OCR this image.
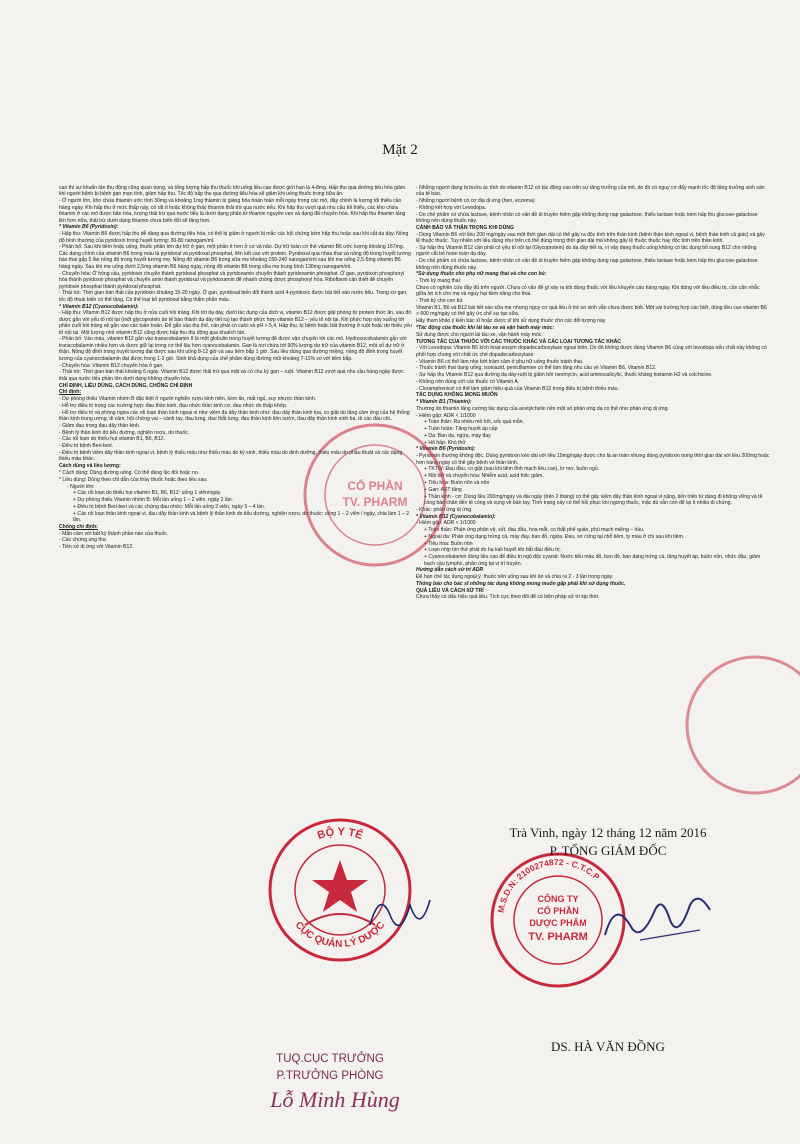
Mặt 2

cao thì sự khuẩn tán thụ động cũng quan trọng, và tổng lượng hấp thu thuốc khi uống liều cao được giới hạn là 4-8mg. Hấp thu qua đường tiêu hóa giảm khi người bệnh bị bệnh gan mạn tính, giảm hấp thu. Tốc độ hấp thu qua đường tiêu hóa sẽ giảm khi uống thuốc trong bữa ăn.

- Ở người lớn, kho chứa thiamin ước tính 30mg và khoảng 1mg thiamin bị giáng hóa hoàn toàn mỗi ngày trong các mô, đây chính là lượng tối thiểu cần hàng ngày. Khi hấp thu ở mức thấp này, có rất ít hoặc không thấy thiamin thải trừ qua nước tiểu. Khi hấp thu vượt quá nhu cầu tối thiểu, các kho chứa thiamin ở các mô được bão hòa, lượng thải trừ qua nước tiểu là dưới dạng phân tử thiamin nguyên vẹn và dạng đã chuyển hóa. Khi hấp thu thiamin tăng lên hơn nữa, thải trừ dưới dạng thiamin chưa biến đổi sẽ tăng hơn.

* Vitamin B6 (Pyridoxin):

- Hấp thu: Vitamin B6 được hấp thu dễ dàng qua đường tiêu hóa, có thể bị giảm ở người bị mắc các hội chứng kém hấp thu hoặc sau khi cắt dạ dày. Nồng độ bình thường của pyridoxin trong huyết tương: 30-80 nanogam/ml.

- Phân bố: Sau khi tiêm hoặc uống, thuốc phần lớn dự trữ ở gan, một phần ít hơn ở cơ và não. Dự trữ toàn cơ thể vitamin B6 ước lượng khoảng 167mg. Các dạng chính của vitamin B6 trong máu là pyridoxal và pyridoxal phosphat, liên kết cao với protein. Pyridoxal qua nhau thai và nồng độ trong huyết tương bào thai gấp 5 lần nồng độ trong huyết tương mẹ. Nồng độ vitamin B6 trong sữa mẹ khoảng 150-240 nanogam/ml sau khi mẹ uống 2,5-5mg vitamin B6 hàng ngày. Sau khi mẹ uống dưới 2,5mg vitamin B6 hàng ngày, nồng độ vitamin B6 trong sữa mẹ trung bình 130mg nanogam/ml.

- Chuyển hóa: Ở hồng cầu, pyridoxin chuyển thành pyridoxal phosphat và pyridoxamin chuyển thành pyridoxamin phosphat. Ở gan, pyridoxin phosphoryl hóa thành pyridoxin phosphat và chuyển amin thành pyridoxal và pyridoxamin để nhanh chóng được phosphoryl hóa. Riboflavin cần thiết để chuyển pyridoxin phosphat thành pyridoxal phosphat.

- Thải trừ: Thời gian bán thải của pyridoxin khoảng 15-20 ngày. Ở gan, pyridoxal biến đổi thành acid 4-pyridoxic được bài tiết vào nước tiểu. Trong xơ gan, tốc độ thoái biến có thể tăng. Có thể loại bỏ pyridoxal bằng thẩm phân máu.

* Vitamin B12 (Cyanocobalamin):

- Hấp thu: Vitamin B12 được hấp thu ở nửa cuối hồi tràng. Khi tới dạ dày, dưới tác dụng của dịch vị, vitamin B12 được giải phóng từ protein thức ăn, sau đó được gắn với yếu tố nội tại (một glycoprotein do tế bào thành dạ dày tiết ra) tạo thành phức hợp vitamin B12 – yếu tố nội tại. Khi phức hợp này xuống tới phần cuối hồi tràng sẽ gắn vào các tuần hoàn. Để gắn vào thụ thể, cần phải có calci và pH > 5,4. Hấp thu, bị bệnh hoặc bất thường ở ruột hoặc do thiếu yếu tố nội tại. Một lượng nhỏ vitamin B12 cũng được hấp thu thụ động qua khuếch tán.

- Phân bố: Vào máu, vitamin B12 gắn vào transcobalamin II là một globulin trong huyết tương để được vận chuyển tới các mô. Hydroxocobalamin gắn với transcobalamin nhiều hơn và được giữ lại trong cơ thể lâu hơn cyanocobalamin. Gan là nơi chứa tới 90% lượng dự trữ của vitamin B12, một số dự trữ ở thận. Nồng độ đỉnh trong huyết tương đạt được sau khi uống 8-12 giờ và sau tiêm bắp 1 giờ. Sau liều dùng qua đường miệng, nồng độ đỉnh trong huyết tương của cyanocobalamin đạt được trong 1-2 giờ. Sinh khả dụng của chế phẩm dùng đường mũi khoảng 7-11% so với tiêm bắp.

- Chuyển hóa: Vitamin B12 chuyển hóa ở gan.

- Thải trừ: Thời gian bán thải khoảng 6 ngày. Vitamin B12 được thải trừ qua mật và có chu kỳ gan – ruột. Vitamin B12 vượt quá nhu cầu hàng ngày được thải qua nước tiểu phần lớn dưới dạng không chuyển hóa.

CHỈ ĐỊNH, LIỀU DÙNG, CÁCH DÙNG, CHỐNG CHỈ ĐỊNH

Chỉ định:

- Dự phòng thiếu Vitamin nhóm B đặc biệt ở người nghiện rượu kinh niên, kém ăn, mất ngủ, suy nhược thần kinh.

- Hỗ trợ điều trị trong các trường hợp: đau thần kinh, đau nhức thần kinh cơ, đau nhức do thấp khớp.

- Hỗ trợ điều trị và phòng ngừa các rối loạn thần kinh ngoại vi như viêm đa dây thần kinh như: đau dây thần kinh tọa, co giật do tăng cảm ứng của hệ thống thần kinh trung ương, di cảm, hội chứng vai – cánh tay, đau lưng, đau thắt lưng, đau thần kinh liên sườn, đau dây thần kinh sinh ba, tê các đầu chi..

- Giảm đau trong đau dây thần kinh.

- Bệnh lý thần kinh do tiểu đường, nghiện rượu, do thuốc.

- Các rối loạn do thiếu hụt vitamin B1, B6, B12.

- Điều trị bệnh Beri-beri.

- Điều trị bệnh viêm dây thần kinh ngoại vi, bệnh lý thiếu máu như thiếu máu do ký sinh, thiếu máu do dinh dưỡng, thiếu máu do phẫu thuật và các dạng thiếu máu khác.

Cách dùng và liều lượng:

* Cách dùng: Dùng đường uống. Có thể dùng lúc đói hoặc no.

* Liều dùng: Dùng theo chỉ dẫn của thầy thuốc hoặc theo liều sau:

- Người lớn:

+ Các rối loạn do thiếu hụt vitamin B1, B6, B12: uống 1 viên/ngày.

+ Dự phòng thiếu Vitamin nhóm B: Mỗi lần uống 1 – 2 viên, ngày 2 lần.

+ Điều trị bệnh Beri-beri và các chứng đau nhức: Mỗi lần uống 2 viên, ngày 3 – 4 lần.

+ Các rối loạn thần kinh ngoại vi, đau dây thần kinh và bệnh lý thần kinh do tiểu đường, nghiện rượu, do thuốc: uống 1 – 2 viên / ngày, chia làm 1 – 2 lần.

Chống chỉ định:

- Mẫn cảm với bất kỳ thành phần nào của thuốc.

- Các chứng ung thư.

- Tiền sử dị ứng với Vitamin B12.

- Những người đang bị bướu ác tính do vitamin B12 có tác động cao trên sự tăng trưởng của mô, do đó có nguy cơ đẩy mạnh tốc độ tăng trưởng sinh sản của tế bào.

- Những người bệnh có cơ địa dị ứng (hen, eczema)

- Không kết hợp với Levodopa.

- Do chế phẩm có chứa lactose, bệnh nhân có vấn đề di truyền hiếm gặp không dung nạp galactose, thiếu lactase hoặc kém hấp thu glucose-galactose không nên dùng thuốc này.

CẢNH BÁO VÀ THẬN TRỌNG KHI DÙNG

- Dùng Vitamin B6 với liều 200 mg/ngày sau một thời gian dài có thể gây ra độc tính trên thần kinh (bệnh thần kinh ngoại vi, bệnh thần kinh cả giác) và gây lệ thuộc thuốc. Tuy nhiên với liều dùng như trên có thể dùng trong thời gian dài mà không gây lệ thuộc thuốc hay độc tính trên thần kinh.

- Sự hấp thu Vitamin B12 cần phải có yếu tố nội tại (Glycoprotein) do dạ dày tiết ra, vì vậy dạng thuốc uống không có tác dụng bổ sung B12 cho những người cắt bỏ hoàn toàn dạ dày.

- Do chế phẩm có chứa lactose, bệnh nhân có vấn đề di truyền hiếm gặp không dung nạp galactose, thiếu lactase hoặc kém hấp thu glucose-galactose không nên dùng thuốc này.

*Sử dụng thuốc cho phụ nữ mang thai và cho con bú:

- Thời kỳ mang thai:

Chưa có nghiên cứu đầy đủ trên người. Chưa có vấn đề gì xảy ra khi dùng thuốc với liều khuyến cáo hàng ngày. Khi dùng với liều điều trị, cần cân nhắc giữa lợi ích cho mẹ và nguy hại tiềm năng cho thai.

- Thời kỳ cho con bú:

Vitamin B1, B6 và B12 bài tiết vào sữa mẹ nhưng nguy cơ quá liều ở trẻ sơ sinh vẫn chưa được biết. Một vài trường hợp các biệt, dùng liều cao vitamin B6 > 600 mg/ngày có thể gây ức chế sự tạo sữa.

Hãy tham khảo ý kiến bác sĩ hoặc dược sĩ khi sử dụng thuốc cho các đối tượng này

*Tác động của thuốc khi lái tàu xe và vận hành máy móc:

Sử dụng được cho người lái tàu xe, vận hành máy móc.

TƯƠNG TÁC CỦA THUỐC VỚI CÁC THUỐC KHÁC VÀ CÁC LOẠI TƯƠNG TÁC KHÁC

- Với Levodopa: Vitamin B6 kích hoạt enzym dopadecarboxylase ngoại biên. Do đó không được dùng Vitamin B6 cùng với levodopa nếu chất này không có phối hợp chung với chất ức chế dopadecarboxylase

- Vitamin B6 có thể làm nhẹ bớt trầm cảm ở phụ nữ uống thuốc tránh thai.

- Thuốc tránh thai dạng uống, isoniazid, penicillamine có thể làm tăng nhu cầu về Vitamin B6, Vitamin B12.

- Sự hấp thu Vitamin B12 qua đường dạ dày-ruột bị giảm bởi neomycin, acid aminosalicylic, thuốc kháng histamin H2 và colchicine.

- Không nên dùng với các thuốc có Vitamin A.

- Cloramphenicol có thể làm giảm hiệu quả của Vitamin B12 trong điều trị bệnh thiếu máu.

TÁC DỤNG KHÔNG MONG MUỐN

* Vitamin B1 (Thiamin):

Thường do thiamin tăng cường tác dụng của acetylcholin nên một số phản ứng da có thể như phản ứng dị ứng.

- Hiếm gặp: ADR < 1/1000

+ Toàn thân: Ra nhiều mồ hôi, sốc quá mẫn.

+ Tuần hoàn: Tăng huyết áp cấp

+ Da: Ban da, ngứa, mày đay

+ Hô hấp: Khó thở

* Vitamin B6 (Pyridoxin):

- Pyridoxin thường không độc. Dùng pyridoxin kéo dài với liều 10mg/ngày được cho là an toàn nhưng dùng pyridoxin trong thời gian dài với liều 200mg hoặc hơn hàng ngày có thể gây bệnh về thần kinh.

+ TKTW: Đau đầu, co giật (sau khi tiêm tĩnh mạch liều cao), lơ mơ, buồn ngủ.

+ Nội tiết và chuyển hóa: Nhiễm acid, acid folic giảm.

+ Tiêu hóa: Buồn nôn và nôn

+ Gan: AST tăng

+ Thần kinh - cơ: Dùng liều 200mg/ngày và dài ngày (trên 2 tháng) có thể gây viêm dây thần kinh ngoại vi nặng, tiến triển từ dáng đi không vững và tê cóng bàn chân đến tê cóng và vụng về bàn tay. Tình trạng này có thể hồi phục khi ngừng thuốc, mặc dù vẫn còn để lại ít nhiều di chứng.

- Khác: phản ứng dị ứng.

* Vitamin B12 (Cyanocobalamin):

- Hiếm gặp: ADR < 1/1000

+ Toàn thân: Phản ứng phản vệ, sốt, đau đầu, hoa mắt, co thắt phế quản, phù mạch miệng – hầu.

+ Ngoài da: Phản ứng dạng trứng cá, mày đay, ban đỏ, ngứa. Đau, xơ cứng tại chỗ tiêm, ty máu ở chi sau khi tiêm.

+ Tiêu hóa: Buồn nôn

+ Loạn nhịp tim thứ phát do hạ kali huyết khi bắt đầu điều trị.

+ Cyanocobalamin dùng liều cao để điều trị ngộ độc cyanid: Nước tiểu màu đỏ, ban đỏ, ban dạng trứng cá, tăng huyết áp, buồn nôn, nhức đầu, giảm bạch cầu lympho, phản ứng tại vị trí truyền.

Hướng dẫn cách xử trí ADR

Để hạn chế tác dụng ngoại ý, thuốc nên uống sau khi ăn và chia ra 2 - 3 lần trong ngày.

Thông báo cho bác sĩ những tác dụng không mong muốn gặp phải khi sử dụng thuốc.

QUÁ LIỀU VÀ CÁCH XỬ TRÍ

Chưa thấy có dấu hiệu quá liều. Tích cực theo dõi để có biện pháp xử trí kịp thời.

CỔ PHẦN
TV. PHARM
BỘ Y TẾ
CỤC QUẢN LÝ DƯỢC
M.S.D.N: 2100274872 - C.T.C.P
CÔNG TY
CỔ PHẦN
DƯỢC PHẨM
TV. PHARM
Trà Vinh, ngày 12 tháng 12 năm 2016
P. TỔNG GIÁM ĐỐC
DS. HÀ VĂN ĐỒNG
TUQ.CỤC TRƯỞNG
P.TRƯỞNG PHÒNG
Lỗ Minh Hùng
